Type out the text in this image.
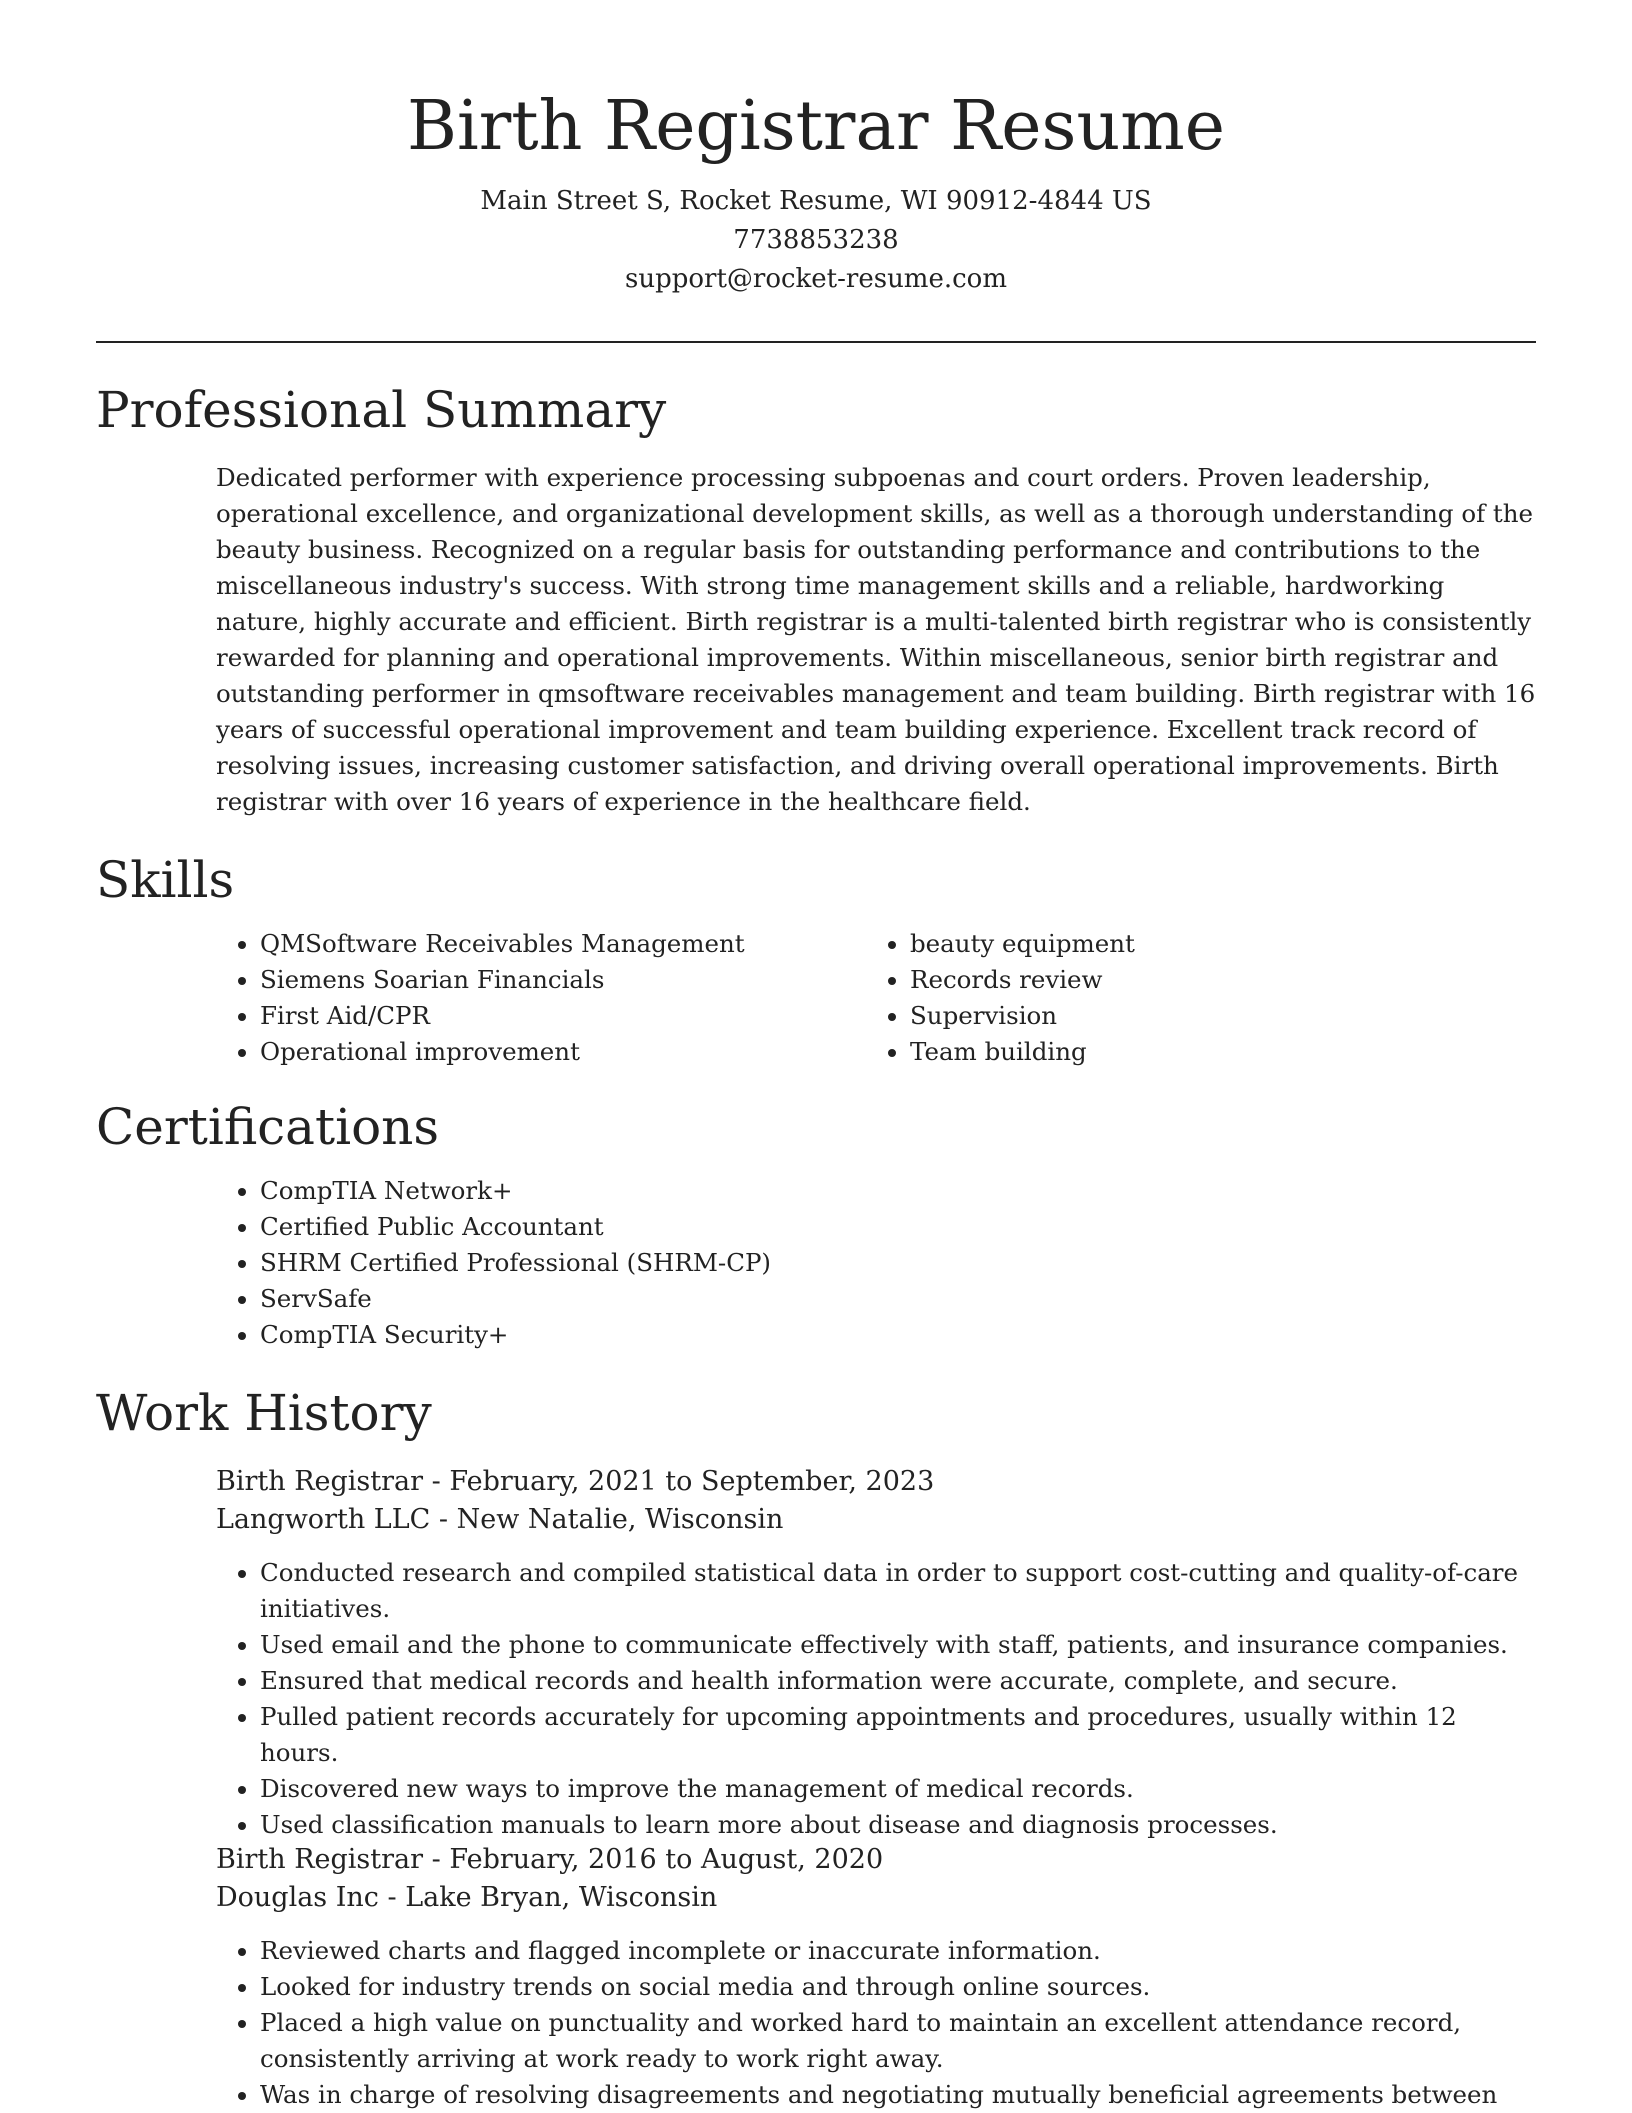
Birth Registrar Resume

Main Street S, Rocket Resume, WI 90912-4844 US

7738853238

support@rocket-resume.com

Professional Summary

Dedicated performer with experience processing subpoenas and court orders. Proven leadership, operational excellence, and organizational development skills, as well as a thorough understanding of the beauty business. Recognized on a regular basis for outstanding performance and contributions to the miscellaneous industry's success. With strong time management skills and a reliable, hardworking nature, highly accurate and efficient. Birth registrar is a multi-talented birth registrar who is consistently rewarded for planning and operational improvements. Within miscellaneous, senior birth registrar and outstanding performer in qmsoftware receivables management and team building. Birth registrar with 16 years of successful operational improvement and team building experience. Excellent track record of resolving issues, increasing customer satisfaction, and driving overall operational improvements. Birth registrar with over 16 years of experience in the healthcare field.

Skills
• QMSoftware Receivables Management
• Siemens Soarian Financials
• First Aid/CPR
• Operational improvement
• beauty equipment
• Records review
• Supervision
• Team building
Certifications
• CompTIA Network+
• Certified Public Accountant
• SHRM Certified Professional (SHRM-CP)
• ServSafe
• CompTIA Security+
Work History

Birth Registrar - February, 2021 to September, 2023

Langworth LLC - New Natalie, Wisconsin

• Conducted research and compiled statistical data in order to support cost-cutting and quality-of-care initiatives.
• Used email and the phone to communicate effectively with staff, patients, and insurance companies.
• Ensured that medical records and health information were accurate, complete, and secure.
• Pulled patient records accurately for upcoming appointments and procedures, usually within 12 hours.
• Discovered new ways to improve the management of medical records.
• Used classification manuals to learn more about disease and diagnosis processes.

Birth Registrar - February, 2016 to August, 2020

Douglas Inc - Lake Bryan, Wisconsin

• Reviewed charts and flagged incomplete or inaccurate information.
• Looked for industry trends on social media and through online sources.
• Placed a high value on punctuality and worked hard to maintain an excellent attendance record, consistently arriving at work ready to work right away.
• Was in charge of resolving disagreements and negotiating mutually beneficial agreements between
